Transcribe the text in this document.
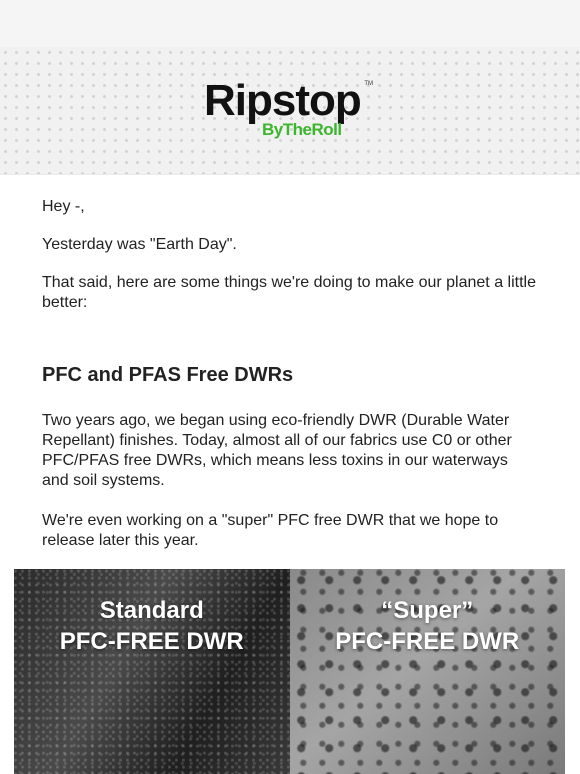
Ripstop
ByTheRoll
TM

Hey -,

Yesterday was "Earth Day".

That said, here are some things we're doing to make our planet a little better:

PFC and PFAS Free DWRs

Two years ago, we began using eco-friendly DWR (Durable Water Repellant) finishes. Today, almost all of our fabrics use C0 or other PFC/PFAS free DWRs, which means less toxins in our waterways and soil systems.

We're even working on a "super" PFC free DWR that we hope to release later this year.

Standard
PFC-FREE DWR
“Super”
PFC-FREE DWR
